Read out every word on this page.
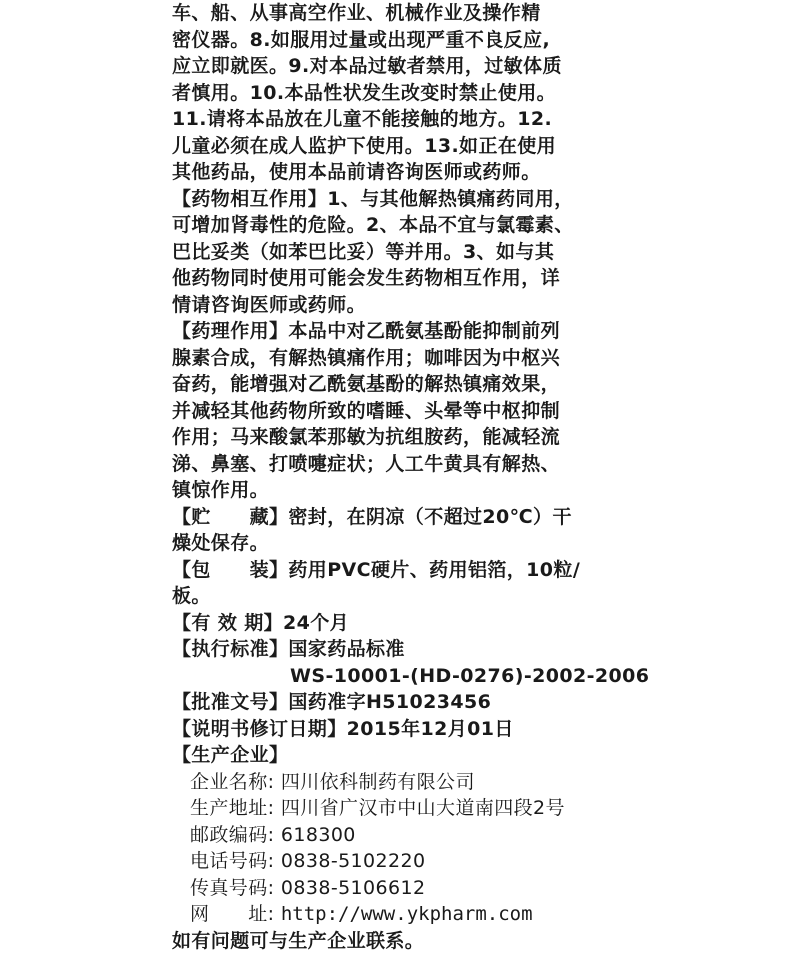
车、船、从事高空作业、机械作业及操作精
密仪器。8.如服用过量或出现严重不良反应,
应立即就医。9.对本品过敏者禁用，过敏体质
者慎用。10.本品性状发生改变时禁止使用。
11.请将本品放在儿童不能接触的地方。12.
儿童必须在成人监护下使用。13.如正在使用
其他药品，使用本品前请咨询医师或药师。
【药物相互作用】1、与其他解热镇痛药同用，
可增加肾毒性的危险。2、本品不宜与氯霉素、
巴比妥类（如苯巴比妥）等并用。3、如与其
他药物同时使用可能会发生药物相互作用，详
情请咨询医师或药师。
【药理作用】本品中对乙酰氨基酚能抑制前列
腺素合成，有解热镇痛作用；咖啡因为中枢兴
奋药，能增强对乙酰氨基酚的解热镇痛效果，
并减轻其他药物所致的嗜睡、头晕等中枢抑制
作用；马来酸氯苯那敏为抗组胺药，能减轻流
涕、鼻塞、打喷嚏症状；人工牛黄具有解热、
镇惊作用。
【贮　　藏】密封，在阴凉（不超过20℃）干
燥处保存。
【包　　装】药用PVC硬片、药用铝箔，10粒/
板。
【有 效 期】24个月
【执行标准】国家药品标准
WS-10001-(HD-0276)-2002-2006
【批准文号】国药准字H51023456
【说明书修订日期】2015年12月01日
【生产企业】
企业名称: 四川依科制药有限公司
生产地址: 四川省广汉市中山大道南四段2号
邮政编码: 618300
电话号码: 0838-5102220
传真号码: 0838-5106612
网　　址: http://www.ykpharm.com
如有问题可与生产企业联系。
